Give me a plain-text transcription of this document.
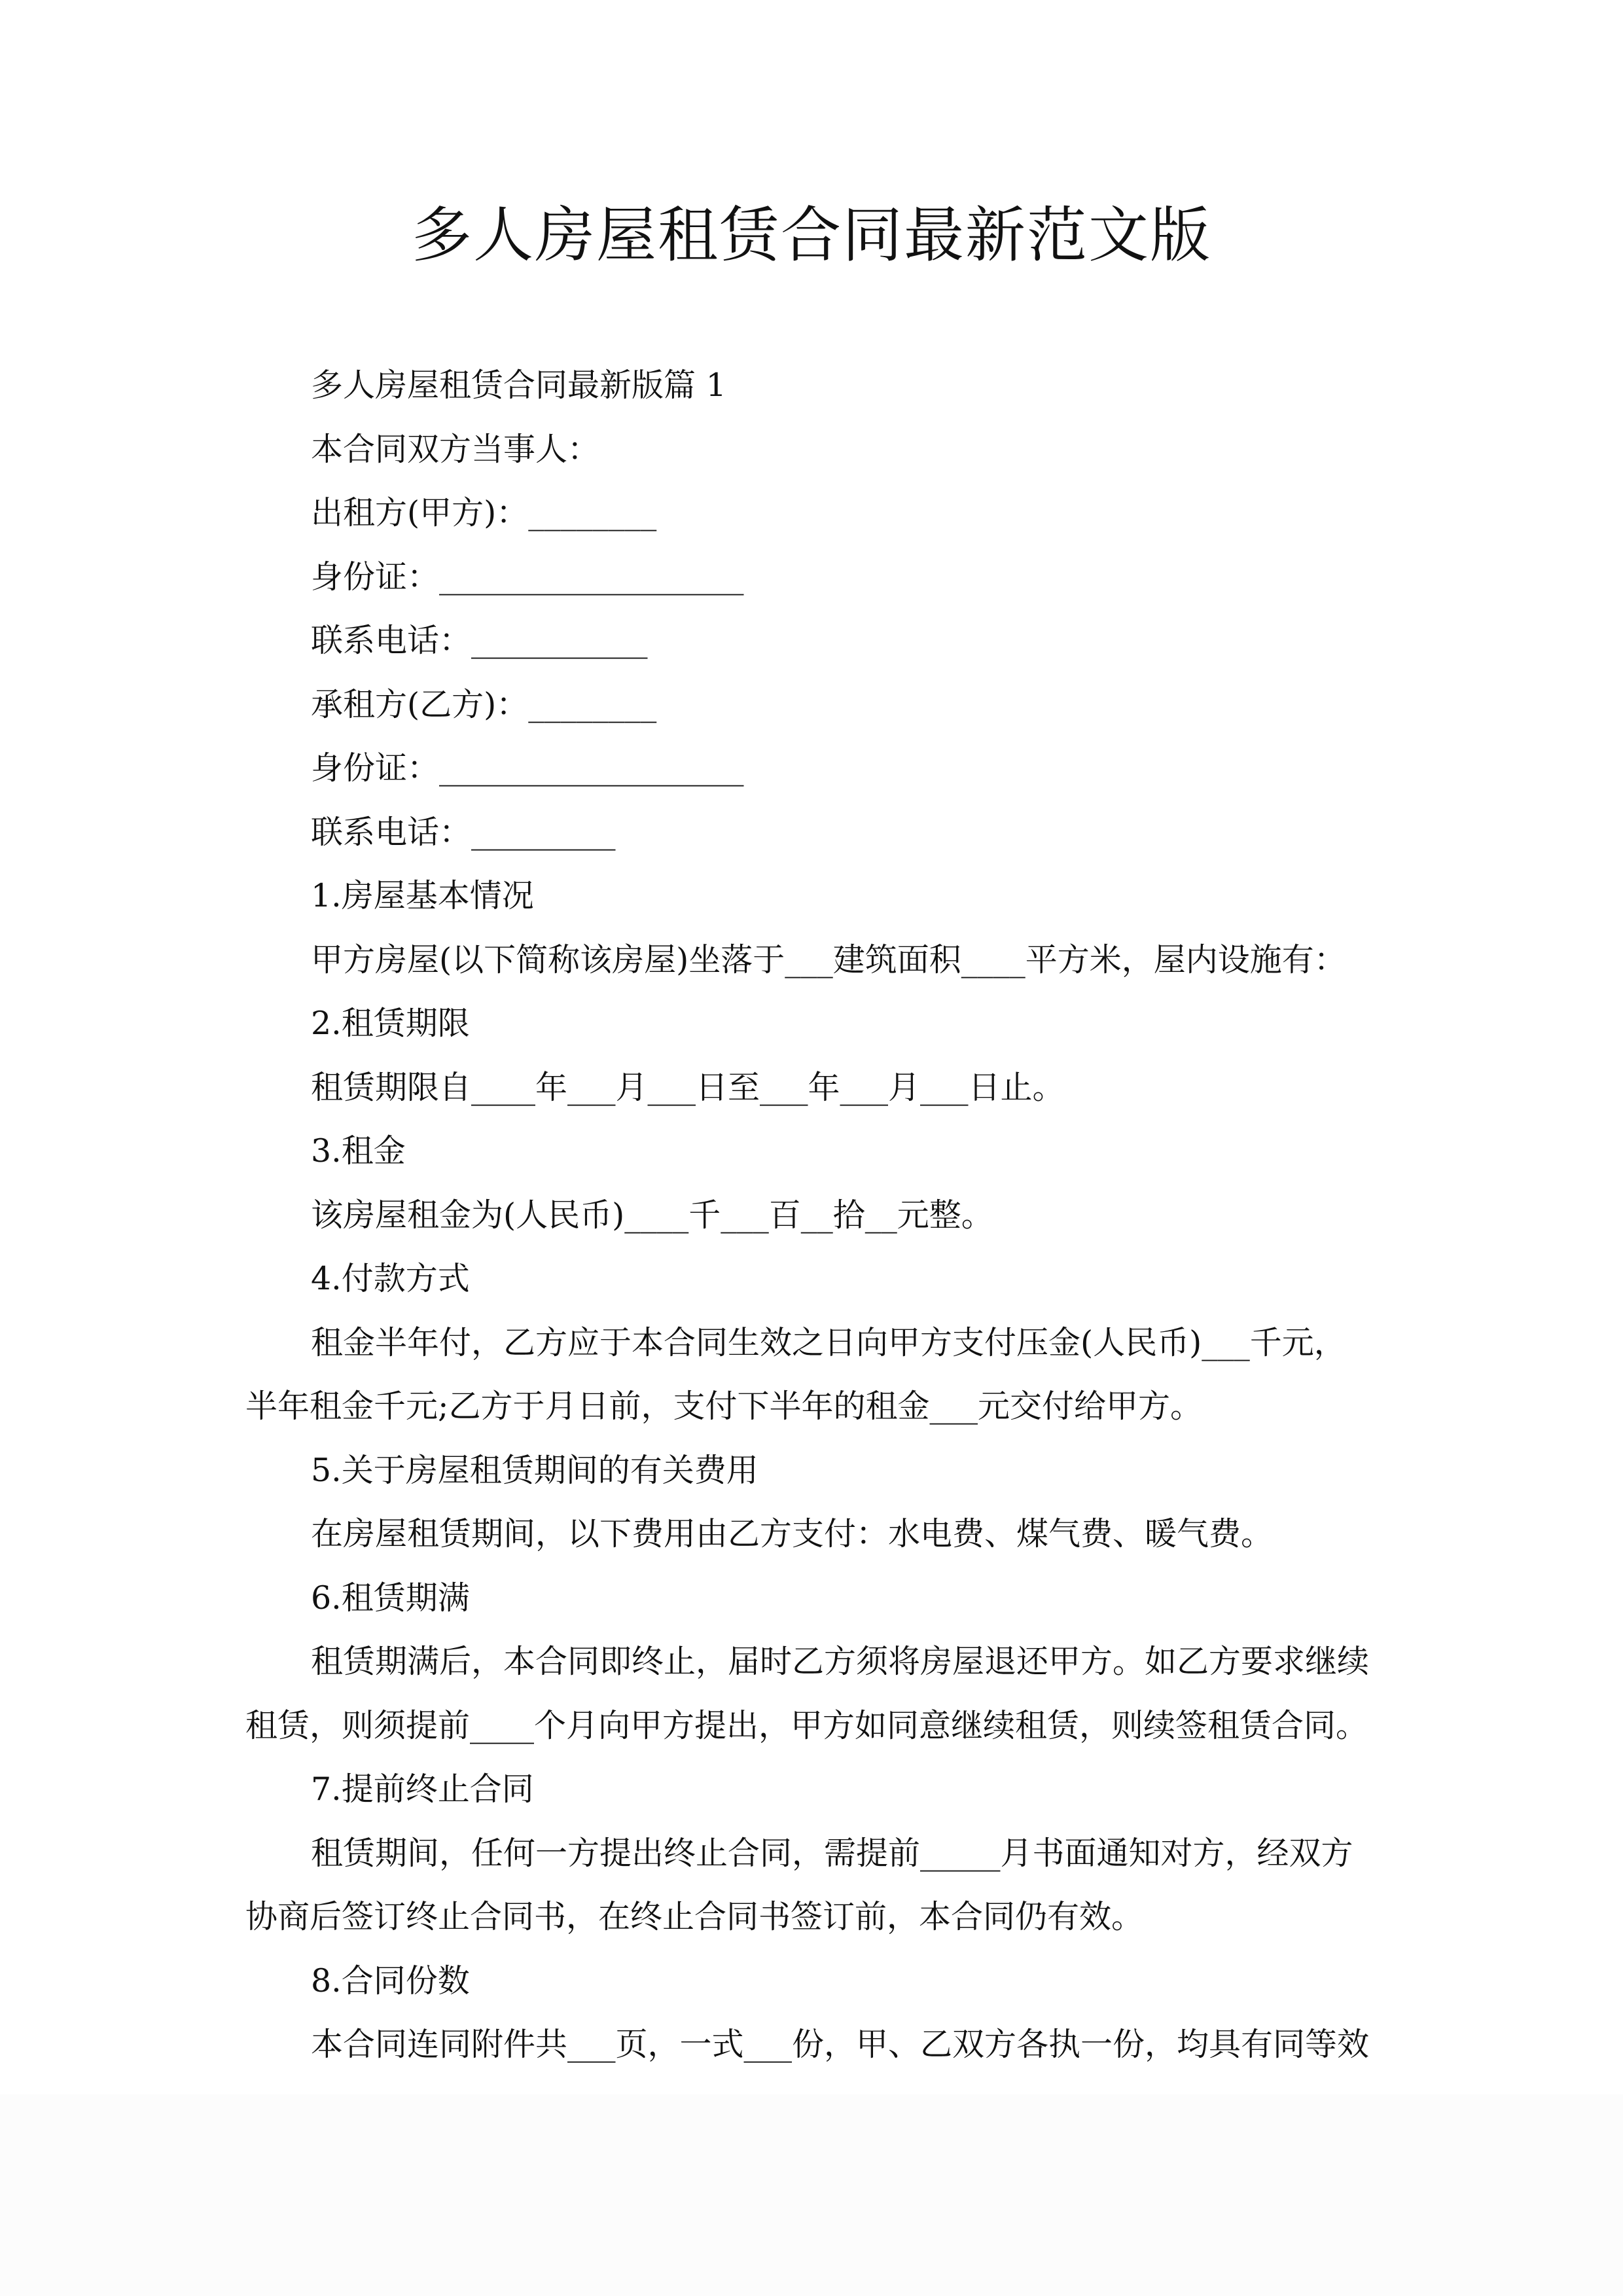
多人房屋租赁合同最新范文版

多人房屋租赁合同最新版篇 1

本合同双方当事人：

出租方(甲方)：________

身份证：___________________

联系电话：___________

承租方(乙方)：________

身份证：___________________

联系电话：_________

1.房屋基本情况

甲方房屋(以下简称该房屋)坐落于___建筑面积____平方米，屋内设施有：

2.租赁期限

租赁期限自____年___月___日至___年___月___日止。

3.租金

该房屋租金为(人民币)____千___百__拾__元整。

4.付款方式

租金半年付，乙方应于本合同生效之日向甲方支付压金(人民币)___千元，

半年租金千元;乙方于月日前，支付下半年的租金___元交付给甲方。

5.关于房屋租赁期间的有关费用

在房屋租赁期间，以下费用由乙方支付：水电费、煤气费、暖气费。

6.租赁期满

租赁期满后，本合同即终止，届时乙方须将房屋退还甲方。如乙方要求继续

租赁，则须提前____个月向甲方提出，甲方如同意继续租赁，则续签租赁合同。

7.提前终止合同

租赁期间，任何一方提出终止合同，需提前_____月书面通知对方，经双方

协商后签订终止合同书，在终止合同书签订前，本合同仍有效。

8.合同份数

本合同连同附件共___页，一式___份，甲、乙双方各执一份，均具有同等效
